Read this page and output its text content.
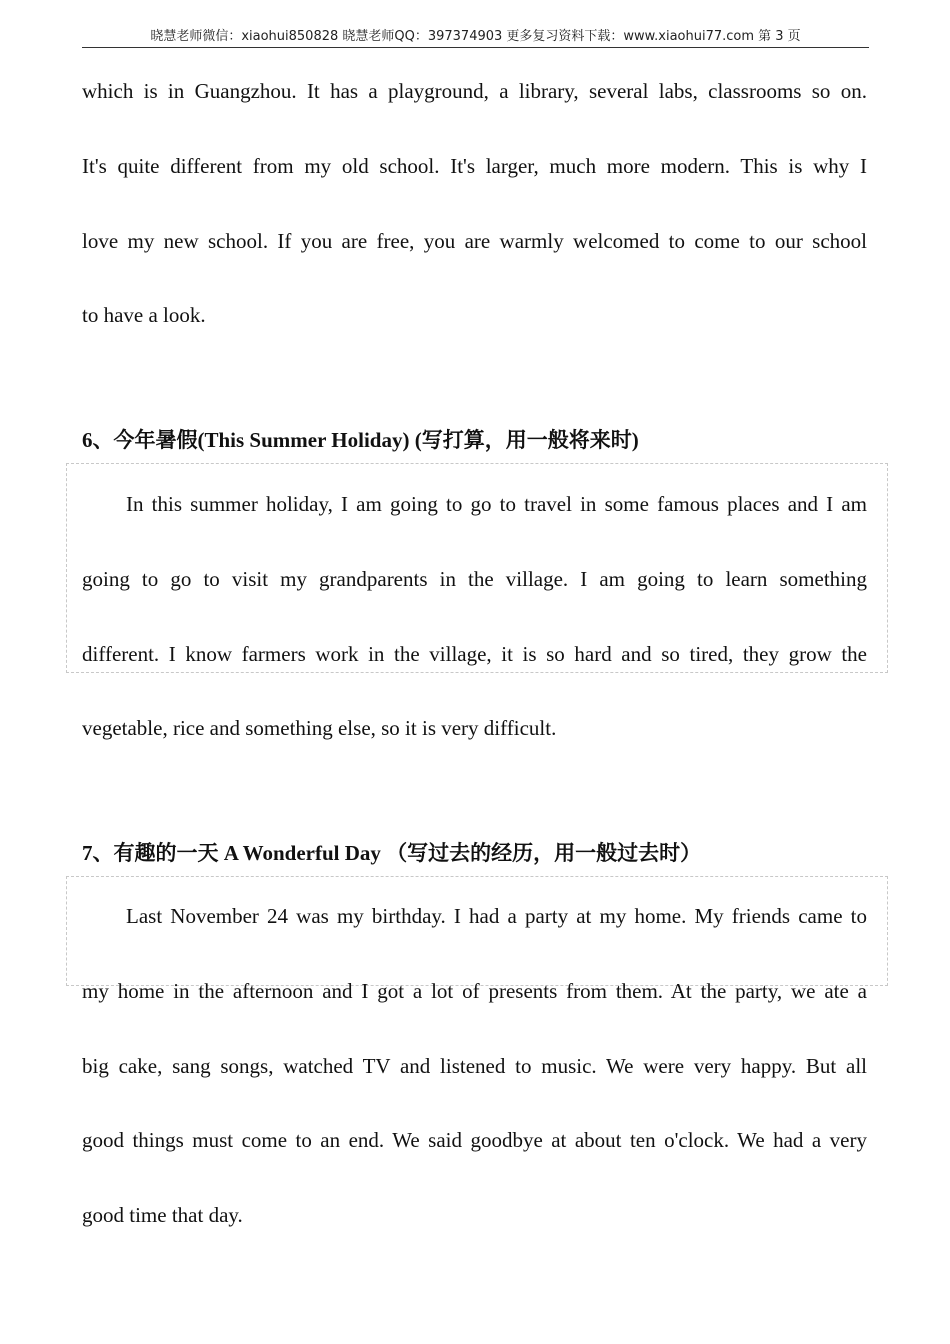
晓慧老师微信：xiaohui850828 晓慧老师QQ：397374903 更多复习资料下载：www.xiaohui77.com 第 3 页
which is in Guangzhou. It has a playground, a library, several labs, classrooms so on.
It's quite different from my old school. It's larger, much more modern. This is why I
love my new school. If you are free, you are warmly welcomed to come to our school
to have a look.
6、今年暑假(This Summer Holiday) (写打算，用一般将来时)
In this summer holiday, I am going to go to travel in some famous places and I am
going to go to visit my grandparents in the village. I am going to learn something
different. I know farmers work in the village, it is so hard and so tired, they grow the
vegetable, rice and something else, so it is very difficult.
7、有趣的一天 A Wonderful Day （写过去的经历，用一般过去时）
Last November 24 was my birthday. I had a party at my home. My friends came to
my home in the afternoon and I got a lot of presents from them. At the party, we ate a
big cake, sang songs, watched TV and listened to music. We were very happy. But all
good things must come to an end. We said goodbye at about ten o'clock. We had a very
good time that day.
